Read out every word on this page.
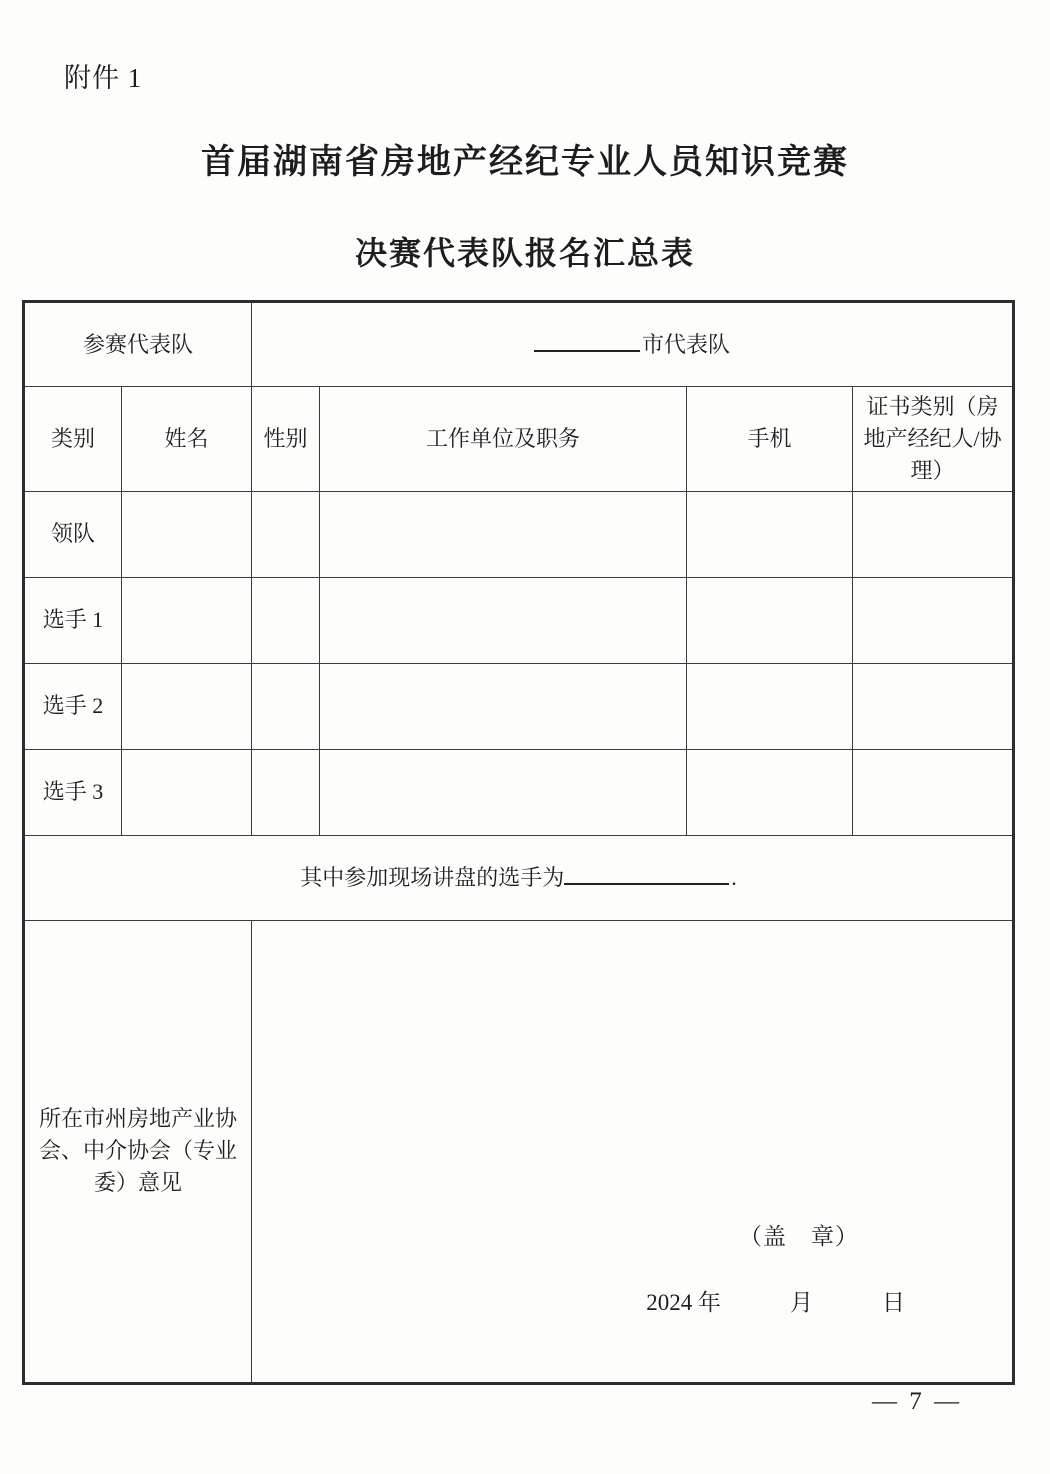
附件 1
首届湖南省房地产经纪专业人员知识竞赛
决赛代表队报名汇总表
参赛代表队		市代表队			
类别	姓名	性别	工作单位及职务	手机	证书类别（房地产经纪人/协理）
领队					
选手 1					
选手 2					
选手 3					
其中参加现场讲盘的选手为 .					
所在市州房地产业协会、中介协会（专业委）意见		（盖　章）
2024 年　　　月　　　日			
— 7 —
